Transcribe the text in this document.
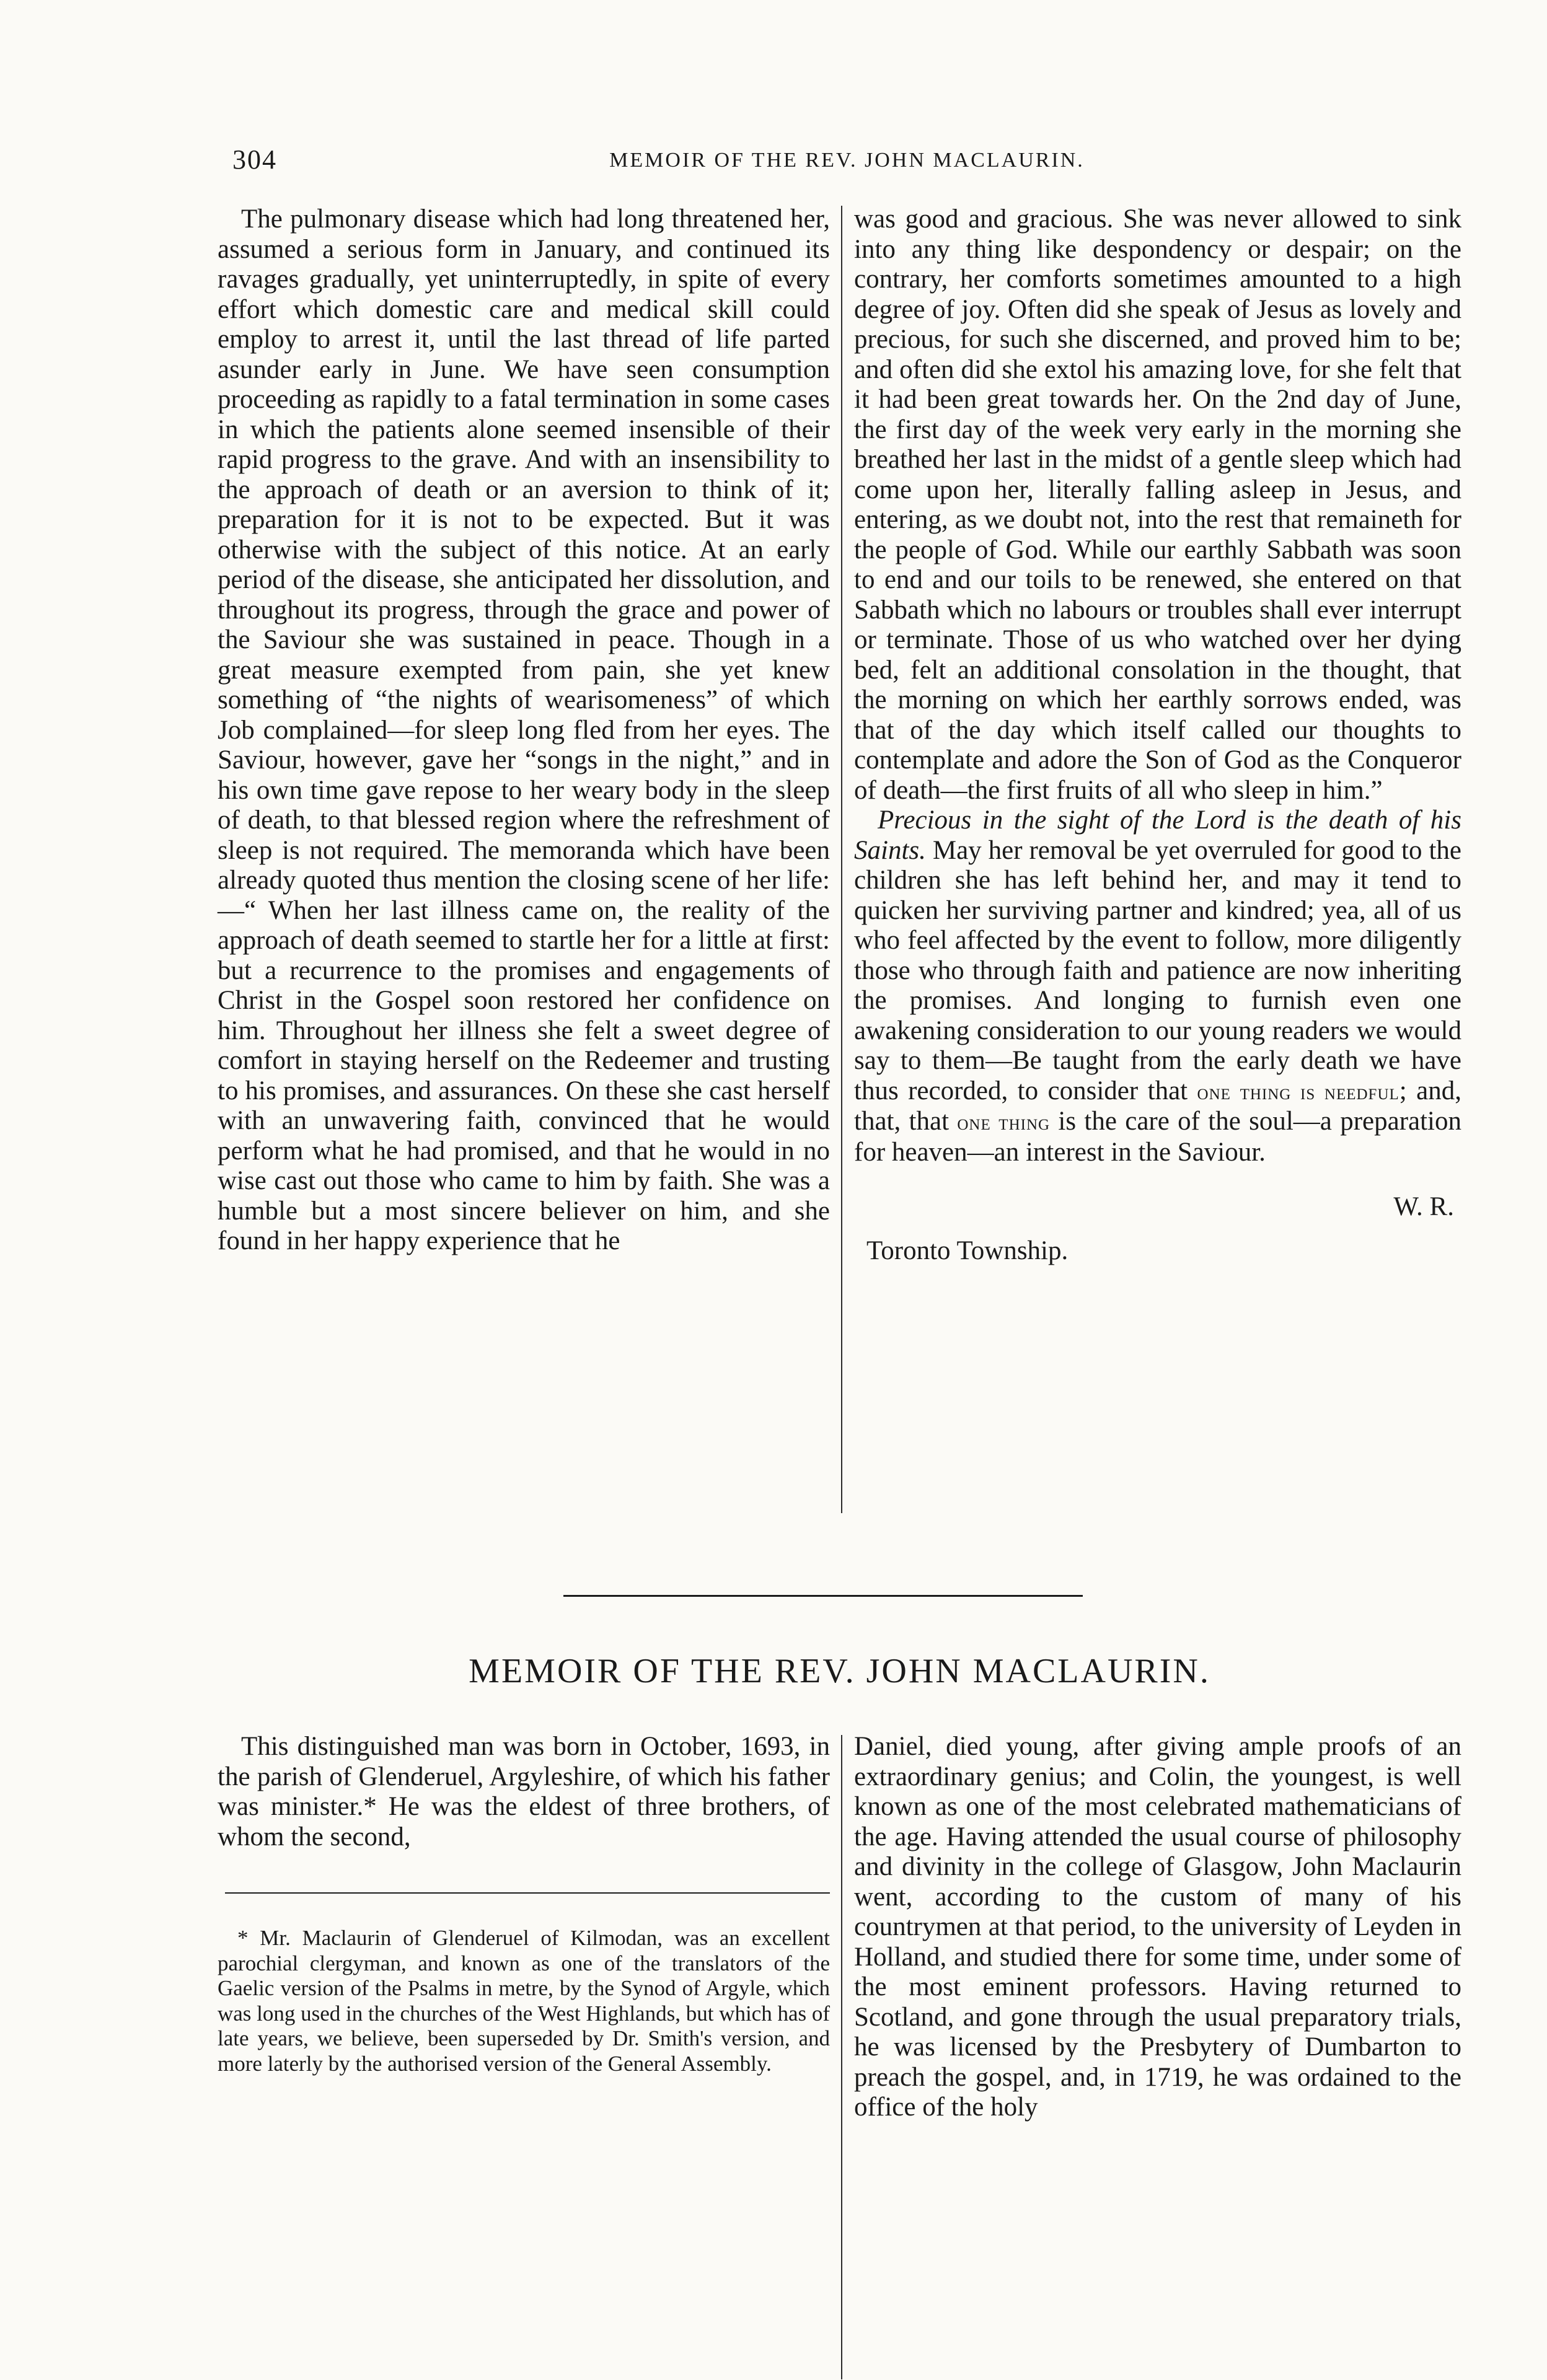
304	MEMOIR OF THE REV. JOHN MACLAURIN.

The pulmonary disease which had long threatened her, assumed a serious form in January, and continued its ravages gradually, yet uninterruptedly, in spite of every effort which domestic care and medical skill could employ to arrest it, until the last thread of life parted asunder early in June. We have seen consumption proceeding as rapidly to a fatal termination in some cases in which the patients alone seemed insensible of their rapid progress to the grave. And with an insensibility to the approach of death or an aversion to think of it; preparation for it is not to be expected. But it was otherwise with the subject of this notice. At an early period of the disease, she anticipated her dissolution, and throughout its progress, through the grace and power of the Saviour she was sustained in peace. Though in a great measure exempted from pain, she yet knew something of “the nights of wearisomeness” of which Job complained—for sleep long fled from her eyes. The Saviour, however, gave her “songs in the night,” and in his own time gave repose to her weary body in the sleep of death, to that blessed region where the refreshment of sleep is not required. The memoranda which have been already quoted thus mention the closing scene of her life:—“ When her last illness came on, the reality of the approach of death seemed to startle her for a little at first: but a recurrence to the promises and engagements of Christ in the Gospel soon restored her confidence on him. Throughout her illness she felt a sweet degree of comfort in staying herself on the Redeemer and trusting to his promises, and assurances. On these she cast herself with an unwavering faith, convinced that he would perform what he had promised, and that he would in no wise cast out those who came to him by faith. She was a humble but a most sincere believer on him, and she found in her happy experience that he

was good and gracious. She was never allowed to sink into any thing like despondency or despair; on the contrary, her comforts sometimes amounted to a high degree of joy. Often did she speak of Jesus as lovely and precious, for such she discerned, and proved him to be; and often did she extol his amazing love, for she felt that it had been great towards her. On the 2nd day of June, the first day of the week very early in the morning she breathed her last in the midst of a gentle sleep which had come upon her, literally falling asleep in Jesus, and entering, as we doubt not, into the rest that remaineth for the people of God. While our earthly Sabbath was soon to end and our toils to be renewed, she entered on that Sabbath which no labours or troubles shall ever interrupt or terminate. Those of us who watched over her dying bed, felt an additional consolation in the thought, that the morning on which her earthly sorrows ended, was that of the day which itself called our thoughts to contemplate and adore the Son of God as the Conqueror of death—the first fruits of all who sleep in him.”

Precious in the sight of the Lord is the death of his Saints. May her removal be yet overruled for good to the children she has left behind her, and may it tend to quicken her surviving partner and kindred; yea, all of us who feel affected by the event to follow, more diligently those who through faith and patience are now inheriting the promises. And longing to furnish even one awakening consideration to our young readers we would say to them—Be taught from the early death we have thus recorded, to consider that one thing is needful; and, that, that one thing is the care of the soul—a preparation for heaven—an interest in the Saviour.

W. R.

Toronto Township.

MEMOIR OF THE REV. JOHN MACLAURIN.

This distinguished man was born in October, 1693, in the parish of Glenderuel, Argyleshire, of which his father was minister.* He was the eldest of three brothers, of whom the second,

Daniel, died young, after giving ample proofs of an extraordinary genius; and Colin, the youngest, is well known as one of the most celebrated mathematicians of the age. Having attended the usual course of philosophy and divinity in the college of Glasgow, John Maclaurin went, according to the custom of many of his countrymen at that period, to the university of Leyden in Holland, and studied there for some time, under some of the most eminent professors. Having returned to Scotland, and gone through the usual preparatory trials, he was licensed by the Presbytery of Dumbarton to preach the gospel, and, in 1719, he was ordained to the office of the holy

* Mr. Maclaurin of Glenderuel of Kilmodan, was an excellent parochial clergyman, and known as one of the translators of the Gaelic version of the Psalms in metre, by the Synod of Argyle, which was long used in the churches of the West Highlands, but which has of late years, we believe, been superseded by Dr. Smith's version, and more laterly by the authorised version of the General Assembly.
